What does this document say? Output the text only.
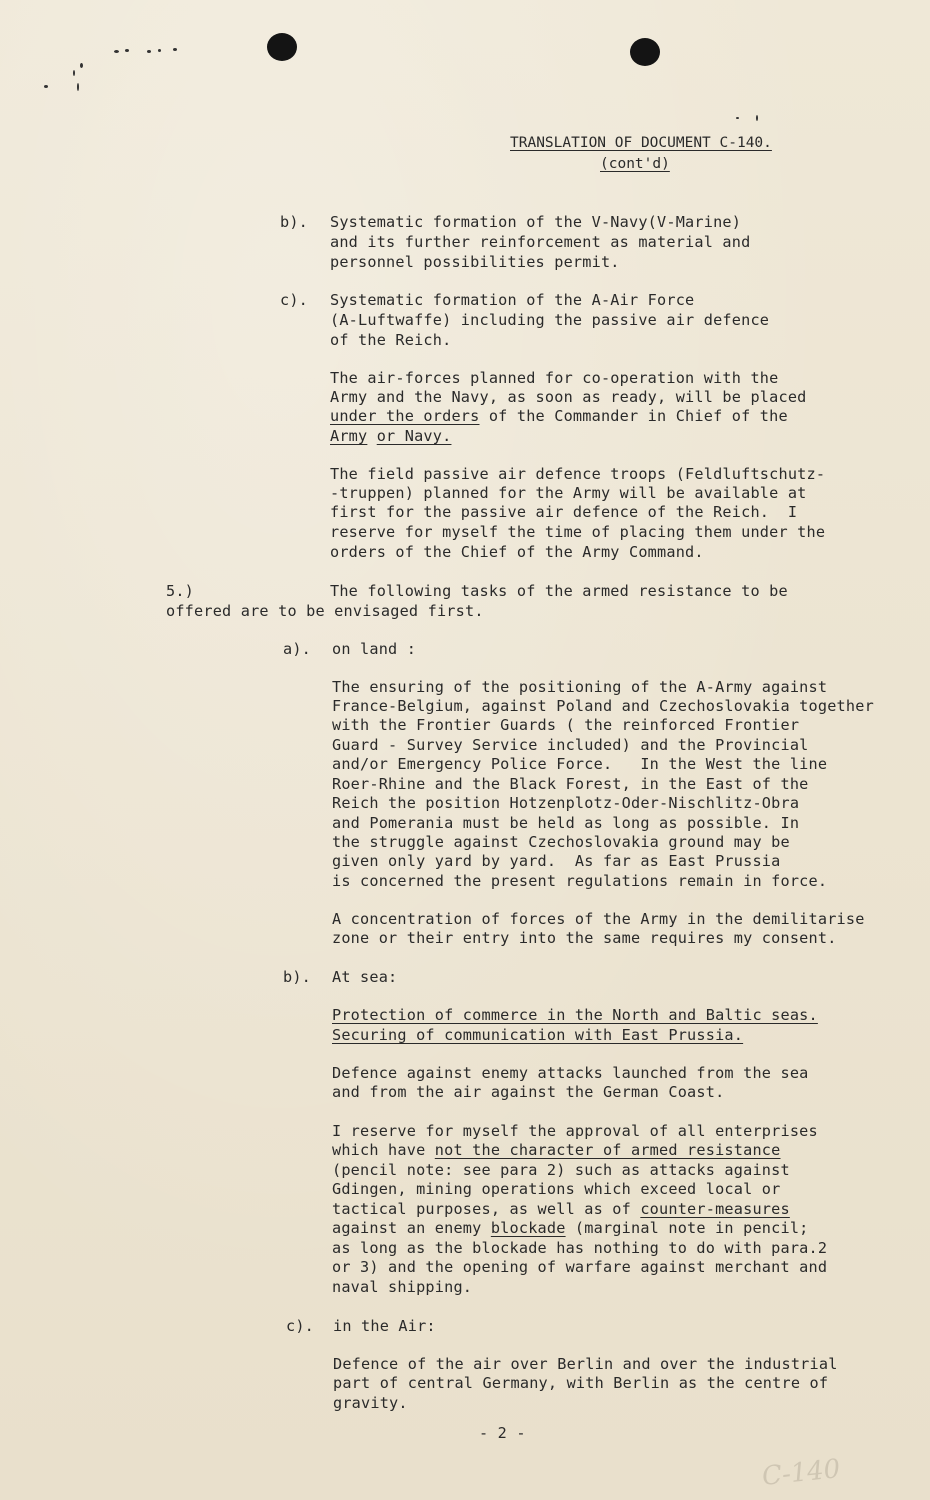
TRANSLATION OF DOCUMENT C-140.
(cont'd)
b). Systematic formation of the V-Navy(V-Marine)
and its further reinforcement as material and
personnel possibilities permit.
c). Systematic formation of the A-Air Force
(A-Luftwaffe) including the passive air defence
of the Reich.
The air-forces planned for co-operation with the
Army and the Navy, as soon as ready, will be placed
under the orders of the Commander in Chief of the
Army or Navy.
The field passive air defence troops (Feldluftschutz-
-truppen) planned for the Army will be available at
first for the passive air defence of the Reich.  I
reserve for myself the time of placing them under the
orders of the Chief of the Army Command.
5.)	The following tasks of the armed resistance to be
offered are to be envisaged first.
a). on land :
The ensuring of the positioning of the A-Army against
France-Belgium, against Poland and Czechoslovakia together
with the Frontier Guards ( the reinforced Frontier
Guard - Survey Service included) and the Provincial
and/or Emergency Police Force.   In the West the line
Roer-Rhine and the Black Forest, in the East of the
Reich the position Hotzenplotz-Oder-Nischlitz-Obra
and Pomerania must be held as long as possible. In
the struggle against Czechoslovakia ground may be
given only yard by yard.  As far as East Prussia
is concerned the present regulations remain in force.
A concentration of forces of the Army in the demilitarise
zone or their entry into the same requires my consent.
b). At sea:
Protection of commerce in the North and Baltic seas.
Securing of communication with East Prussia.
Defence against enemy attacks launched from the sea
and from the air against the German Coast.
I reserve for myself the approval of all enterprises
which have not the character of armed resistance
(pencil note: see para 2) such as attacks against
Gdingen, mining operations which exceed local or
tactical purposes, as well as of counter-measures
against an enemy blockade (marginal note in pencil;
as long as the blockade has nothing to do with para.2
or 3) and the opening of warfare against merchant and
naval shipping.
c). in the Air:
Defence of the air over Berlin and over the industrial
part of central Germany, with Berlin as the centre of
gravity.
- 2 -
C-140
